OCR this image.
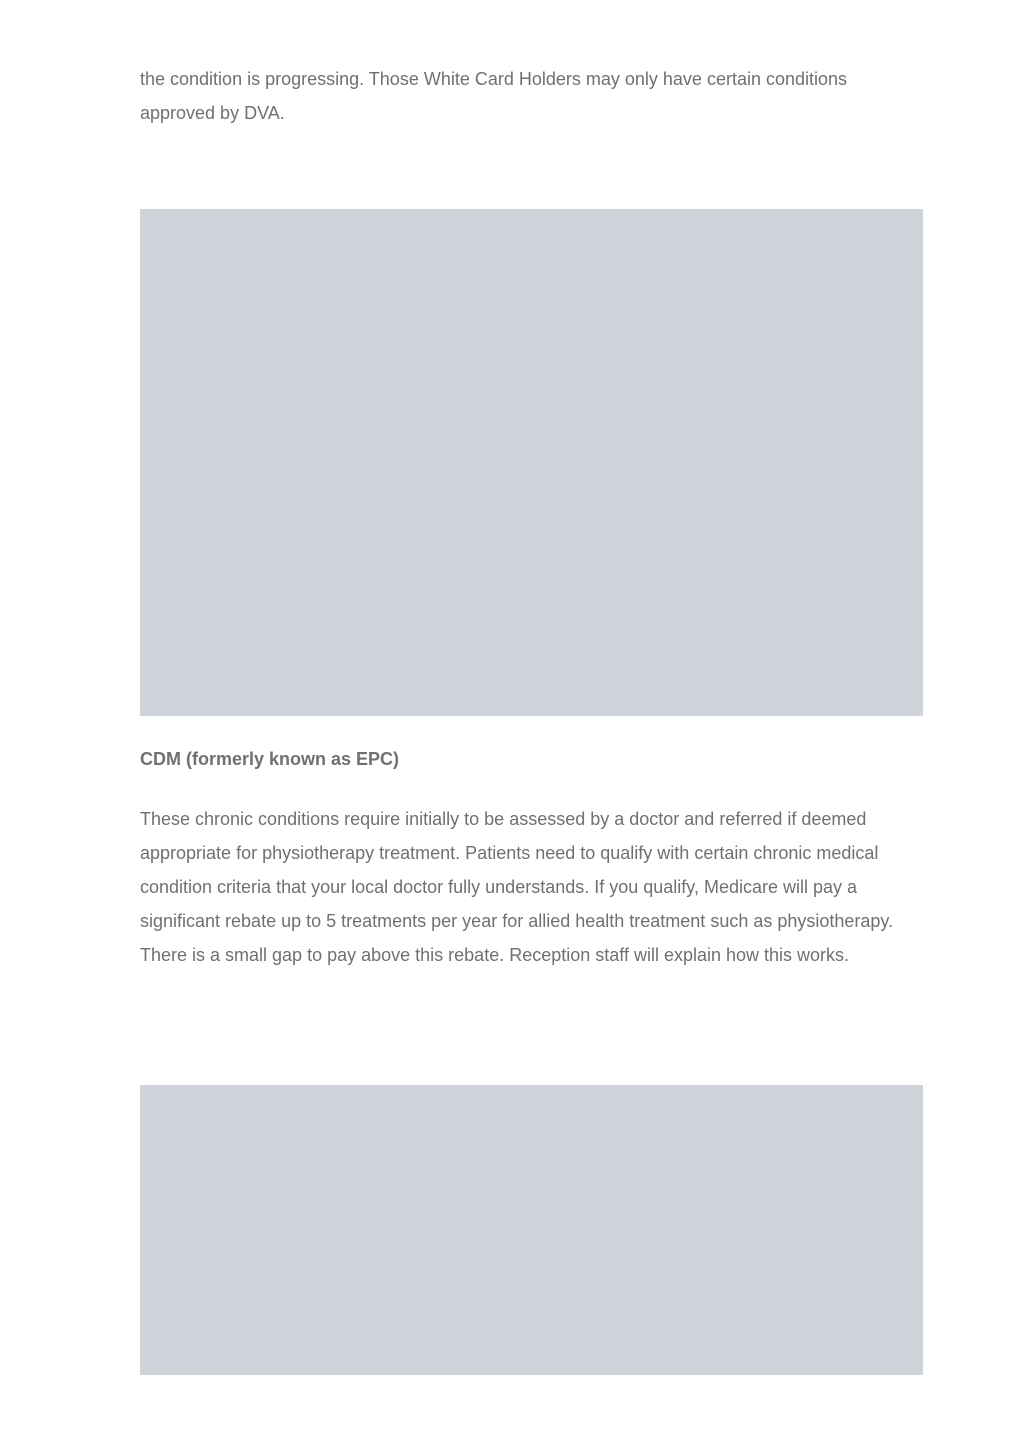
the condition is progressing. Those White Card Holders may only have certain conditions approved by DVA.

CDM (formerly known as EPC)

These chronic conditions require initially to be assessed by a doctor and referred if deemed appropriate for physiotherapy treatment. Patients need to qualify with certain chronic medical condition criteria that your local doctor fully understands. If you qualify, Medicare will pay a significant rebate up to 5 treatments per year for allied health treatment such as physiotherapy. There is a small gap to pay above this rebate. Reception staff will explain how this works.
